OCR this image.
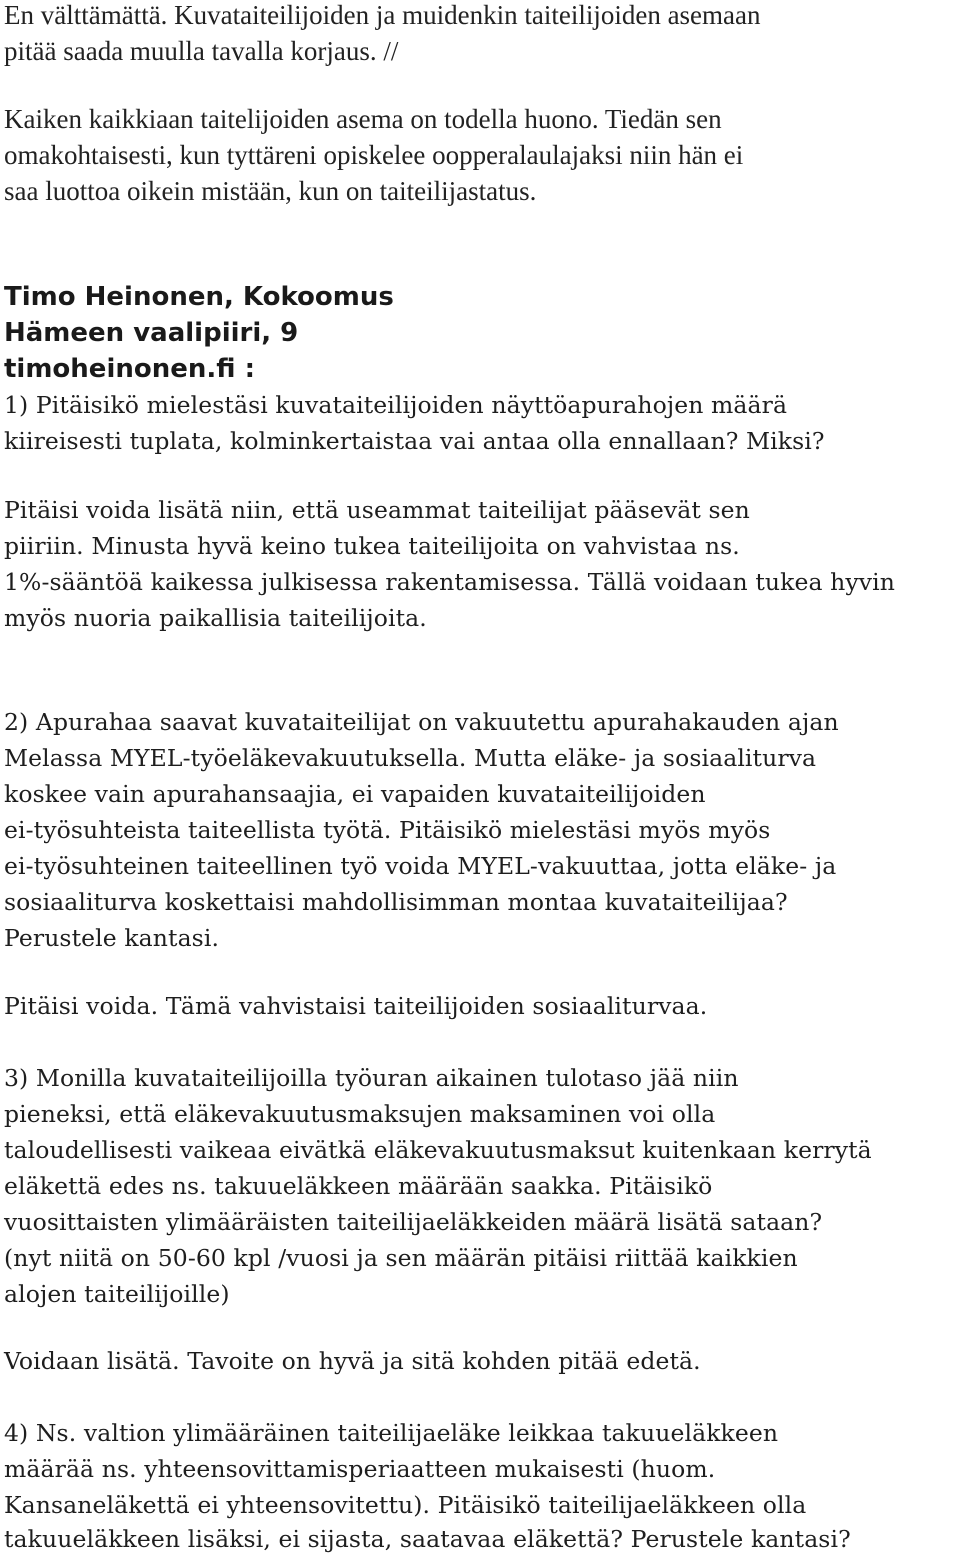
En välttämättä. Kuvataiteilijoiden ja muidenkin taiteilijoiden asemaan
pitää saada muulla tavalla korjaus. //
Kaiken kaikkiaan taitelijoiden asema on todella huono. Tiedän sen
omakohtaisesti, kun tyttäreni opiskelee oopperalaulajaksi niin hän ei
saa luottoa oikein mistään, kun on taiteilijastatus.
Timo Heinonen, Kokoomus
Hämeen vaalipiiri, 9
timoheinonen.fi :
1) Pitäisikö mielestäsi kuvataiteilijoiden näyttöapurahojen määrä
kiireisesti tuplata, kolminkertaistaa vai antaa olla ennallaan? Miksi?
Pitäisi voida lisätä niin, että useammat taiteilijat pääsevät sen
piiriin. Minusta hyvä keino tukea taiteilijoita on vahvistaa ns.
1%-sääntöä kaikessa julkisessa rakentamisessa. Tällä voidaan tukea hyvin
myös nuoria paikallisia taiteilijoita.
2) Apurahaa saavat kuvataiteilijat on vakuutettu apurahakauden ajan
Melassa MYEL-työeläkevakuutuksella. Mutta eläke- ja sosiaaliturva
koskee vain apurahansaajia, ei vapaiden kuvataiteilijoiden
ei-työsuhteista taiteellista työtä. Pitäisikö mielestäsi myös myös
ei-työsuhteinen taiteellinen työ voida MYEL-vakuuttaa, jotta eläke- ja
sosiaaliturva koskettaisi mahdollisimman montaa kuvataiteilijaa?
Perustele kantasi.
Pitäisi voida. Tämä vahvistaisi taiteilijoiden sosiaaliturvaa.
3) Monilla kuvataiteilijoilla työuran aikainen tulotaso jää niin
pieneksi, että eläkevakuutusmaksujen maksaminen voi olla
taloudellisesti vaikeaa eivätkä eläkevakuutusmaksut kuitenkaan kerrytä
eläkettä edes ns. takuueläkkeen määrään saakka. Pitäisikö
vuosittaisten ylimääräisten taiteilijaeläkkeiden määrä lisätä sataan?
(nyt niitä on 50-60 kpl /vuosi ja sen määrän pitäisi riittää kaikkien
alojen taiteilijoille)
Voidaan lisätä. Tavoite on hyvä ja sitä kohden pitää edetä.
4) Ns. valtion ylimääräinen taiteilijaeläke leikkaa takuueläkkeen
määrää ns. yhteensovittamisperiaatteen mukaisesti (huom.
Kansaneläkettä ei yhteensovitettu). Pitäisikö taiteilijaeläkkeen olla
takuueläkkeen lisäksi, ei sijasta, saatavaa eläkettä? Perustele kantasi?
